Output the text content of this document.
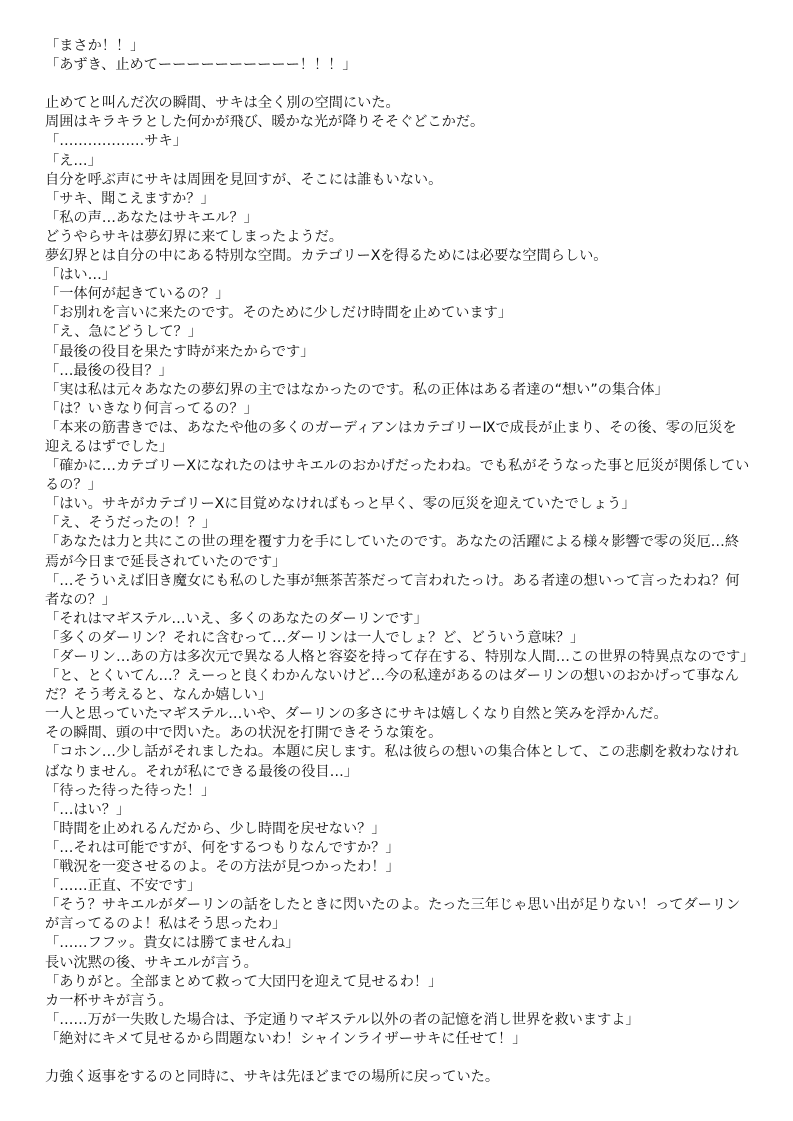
「まさか！！」
「あずき、止めてーーーーーーーーーー！！！」
止めてと叫んだ次の瞬間、サキは全く別の空間にいた。
周囲はキラキラとした何かが飛び、暖かな光が降りそそぐどこかだ。
「………………サキ」
「え…」
自分を呼ぶ声にサキは周囲を見回すが、そこには誰もいない。
「サキ、聞こえますか？」
「私の声…あなたはサキエル？」
どうやらサキは夢幻界に来てしまったようだ。
夢幻界とは自分の中にある特別な空間。カテゴリーⅩを得るためには必要な空間らしい。
「はい…」
「一体何が起きているの？」
「お別れを言いに来たのです。そのために少しだけ時間を止めています」
「え、急にどうして？」
「最後の役目を果たす時が来たからです」
「…最後の役目？」
「実は私は元々あなたの夢幻界の主ではなかったのです。私の正体はある者達の“想い”の集合体」
「は？いきなり何言ってるの？」
「本来の筋書きでは、あなたや他の多くのガーディアンはカテゴリーⅨで成長が止まり、その後、零の厄災を迎えるはずでした」
「確かに…カテゴリーⅩになれたのはサキエルのおかげだったわね。でも私がそうなった事と厄災が関係しているの？」
「はい。サキがカテゴリーⅩに目覚めなければもっと早く、零の厄災を迎えていたでしょう」
「え、そうだったの！？」
「あなたは力と共にこの世の理を覆す力を手にしていたのです。あなたの活躍による様々影響で零の災厄…終焉が今日まで延長されていたのです」
「…そういえば旧き魔女にも私のした事が無茶苦茶だって言われたっけ。ある者達の想いって言ったわね？何者なの？」
「それはマギステル…いえ、多くのあなたのダーリンです」
「多くのダーリン？それに含むって…ダーリンは一人でしょ？ど、どういう意味？」
「ダーリン…あの方は多次元で異なる人格と容姿を持って存在する、特別な人間…この世界の特異点なのです」
「と、とくいてん…？えーっと良くわかんないけど…今の私達があるのはダーリンの想いのおかげって事なんだ？そう考えると、なんか嬉しい」
一人と思っていたマギステル…いや、ダーリンの多さにサキは嬉しくなり自然と笑みを浮かんだ。
その瞬間、頭の中で閃いた。あの状況を打開できそうな策を。
「コホン…少し話がそれましたね。本題に戻します。私は彼らの想いの集合体として、この悲劇を救わなければなりません。それが私にできる最後の役目…」
「待った待った待った！」
「…はい？」
「時間を止めれるんだから、少し時間を戻せない？」
「…それは可能ですが、何をするつもりなんですか？」
「戦況を一変させるのよ。その方法が見つかったわ！」
「……正直、不安です」
「そう？サキエルがダーリンの話をしたときに閃いたのよ。たった三年じゃ思い出が足りない！ってダーリンが言ってるのよ！私はそう思ったわ」
「……フフッ。貴女には勝てませんね」
長い沈黙の後、サキエルが言う。
「ありがと。全部まとめて救って大団円を迎えて見せるわ！」
カ一杯サキが言う。
「……万が一失敗した場合は、予定通りマギステル以外の者の記憶を消し世界を救いますよ」
「絶対にキメて見せるから問題ないわ！シャインライザーサキに任せて！」
力強く返事をするのと同時に、サキは先ほどまでの場所に戻っていた。
